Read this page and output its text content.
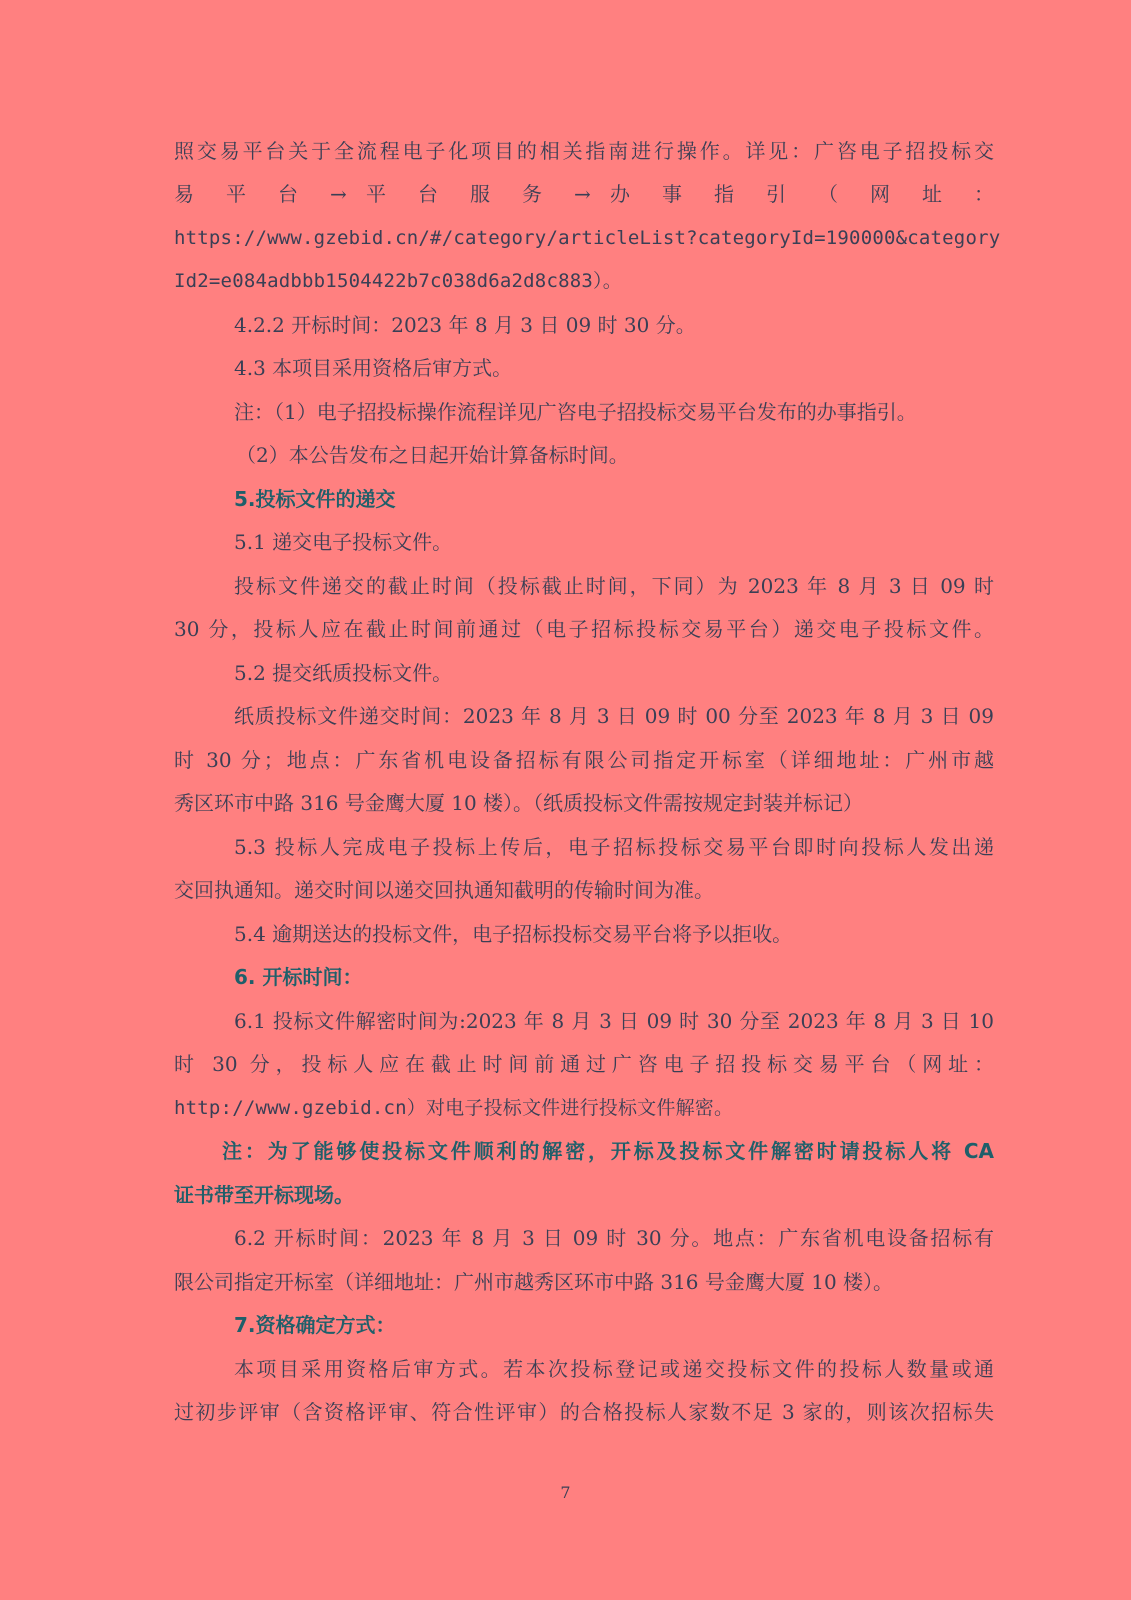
照交易平台关于全流程电子化项目的相关指南进行操作。详见：广咨电子招投标交
易 平 台 → 平 台 服 务 → 办 事 指 引 （ 网 址 ：
https://www.gzebid.cn/#/category/articleList?categoryId=190000&category
Id2=e084adbbb1504422b7c038d6a2d8c883）。
4.2.2 开标时间：2023 年 8 月 3 日 09 时 30 分。
4.3 本项目采用资格后审方式。
注：（1）电子招投标操作流程详见广咨电子招投标交易平台发布的办事指引。
（2）本公告发布之日起开始计算备标时间。
5.投标文件的递交
5.1 递交电子投标文件。
投标文件递交的截止时间（投标截止时间，下同）为 2023 年 8 月 3 日 09 时
30 分，投标人应在截止时间前通过（电子招标投标交易平台）递交电子投标文件。
5.2 提交纸质投标文件。
纸质投标文件递交时间：2023 年 8 月 3 日 09 时 00 分至 2023 年 8 月 3 日 09
时 30 分；地点：广东省机电设备招标有限公司指定开标室（详细地址：广州市越
秀区环市中路 316 号金鹰大厦 10 楼）。（纸质投标文件需按规定封装并标记）
5.3 投标人完成电子投标上传后，电子招标投标交易平台即时向投标人发出递
交回执通知。递交时间以递交回执通知截明的传输时间为准。
5.4 逾期送达的投标文件，电子招标投标交易平台将予以拒收。
6. 开标时间：
6.1 投标文件解密时间为:2023 年 8 月 3 日 09 时 30 分至 2023 年 8 月 3 日 10
时 30 分，投标人应在截止时间前通过广咨电子招投标交易平台（网址：
http://www.gzebid.cn）对电子投标文件进行投标文件解密。
注：为了能够使投标文件顺利的解密，开标及投标文件解密时请投标人将 CA
证书带至开标现场。
6.2 开标时间：2023 年 8 月 3 日 09 时 30 分。地点：广东省机电设备招标有
限公司指定开标室（详细地址：广州市越秀区环市中路 316 号金鹰大厦 10 楼）。
7.资格确定方式：
本项目采用资格后审方式。若本次投标登记或递交投标文件的投标人数量或通
过初步评审（含资格评审、符合性评审）的合格投标人家数不足 3 家的，则该次招标失
7
